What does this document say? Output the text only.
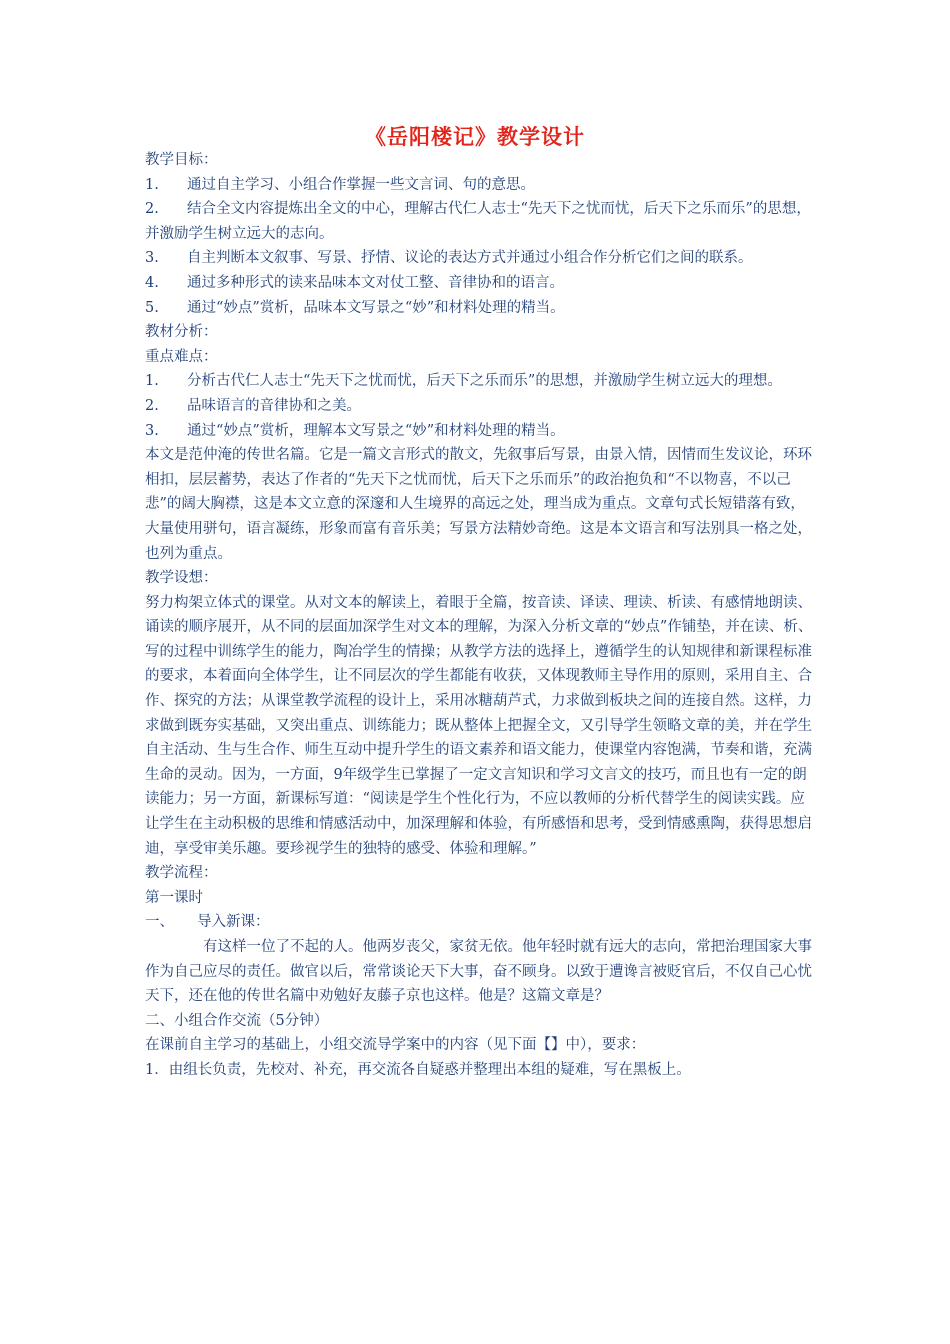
《岳阳楼记》教学设计

教学目标：

1. 通过自主学习、小组合作掌握一些文言词、句的意思。

2. 结合全文内容提炼出全文的中心，理解古代仁人志士“先天下之忧而忧，后天下之乐而乐”的思想，并激励学生树立远大的志向。

3. 自主判断本文叙事、写景、抒情、议论的表达方式并通过小组合作分析它们之间的联系。

4. 通过多种形式的读来品味本文对仗工整、音律协和的语言。

5. 通过“妙点”赏析，品味本文写景之“妙”和材料处理的精当。

教材分析：

重点难点：

1. 分析古代仁人志士“先天下之忧而忧，后天下之乐而乐”的思想，并激励学生树立远大的理想。

2. 品味语言的音律协和之美。

3. 通过“妙点”赏析，理解本文写景之“妙”和材料处理的精当。

本文是范仲淹的传世名篇。它是一篇文言形式的散文，先叙事后写景，由景入情，因情而生发议论，环环相扣，层层蓄势，表达了作者的“先天下之忧而忧，后天下之乐而乐”的政治抱负和“不以物喜，不以己悲”的阔大胸襟，这是本文立意的深邃和人生境界的高远之处，理当成为重点。文章句式长短错落有致，大量使用骈句，语言凝练，形象而富有音乐美；写景方法精妙奇绝。这是本文语言和写法别具一格之处，也列为重点。

教学设想：

努力构架立体式的课堂。从对文本的解读上，着眼于全篇，按音读、译读、理读、析读、有感情地朗读、诵读的顺序展开，从不同的层面加深学生对文本的理解，为深入分析文章的“妙点”作铺垫，并在读、析、写的过程中训练学生的能力，陶冶学生的情操；从教学方法的选择上，遵循学生的认知规律和新课程标准的要求，本着面向全体学生，让不同层次的学生都能有收获，又体现教师主导作用的原则，采用自主、合作、探究的方法；从课堂教学流程的设计上，采用冰糖葫芦式，力求做到板块之间的连接自然。这样，力求做到既夯实基础，又突出重点、训练能力；既从整体上把握全文，又引导学生领略文章的美，并在学生自主活动、生与生合作、师生互动中提升学生的语文素养和语文能力，使课堂内容饱满，节奏和谐，充满生命的灵动。因为，一方面，9年级学生已掌握了一定文言知识和学习文言文的技巧，而且也有一定的朗读能力；另一方面，新课标写道：“阅读是学生个性化行为，不应以教师的分析代替学生的阅读实践。应让学生在主动积极的思维和情感活动中，加深理解和体验，有所感悟和思考，受到情感熏陶，获得思想启迪，享受审美乐趣。要珍视学生的独特的感受、体验和理解。”

教学流程：

第一课时

一、 导入新课：

有这样一位了不起的人。他两岁丧父，家贫无依。他年轻时就有远大的志向，常把治理国家大事作为自己应尽的责任。做官以后，常常谈论天下大事，奋不顾身。以致于遭谗言被贬官后，不仅自己心忧天下，还在他的传世名篇中劝勉好友藤子京也这样。他是？这篇文章是？

二、小组合作交流（5分钟）

在课前自主学习的基础上，小组交流导学案中的内容（见下面【】中），要求：

1．由组长负责，先校对、补充，再交流各自疑惑并整理出本组的疑难，写在黑板上。
